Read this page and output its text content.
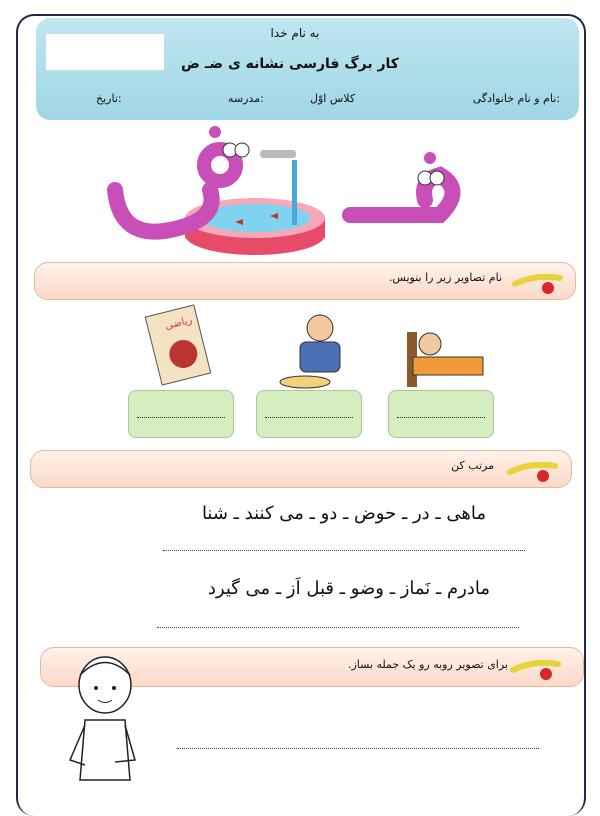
به نام خدا
کار برگ فارسی نشانه ی ضـ ض
نام و نام خانوادگی:
کلاس اوّل
مدرسه:
تاریخ:
نام تصاویر زیر را بنویس.
ریاضی
مرتب کن
ماهی ـ در ـ حوض ـ دو ـ می کنند ـ شنا
مادرم ـ نَماز ـ وضو ـ قبل اَز ـ می گیرد
برای تصویر روبه رو یک جمله بساز.
